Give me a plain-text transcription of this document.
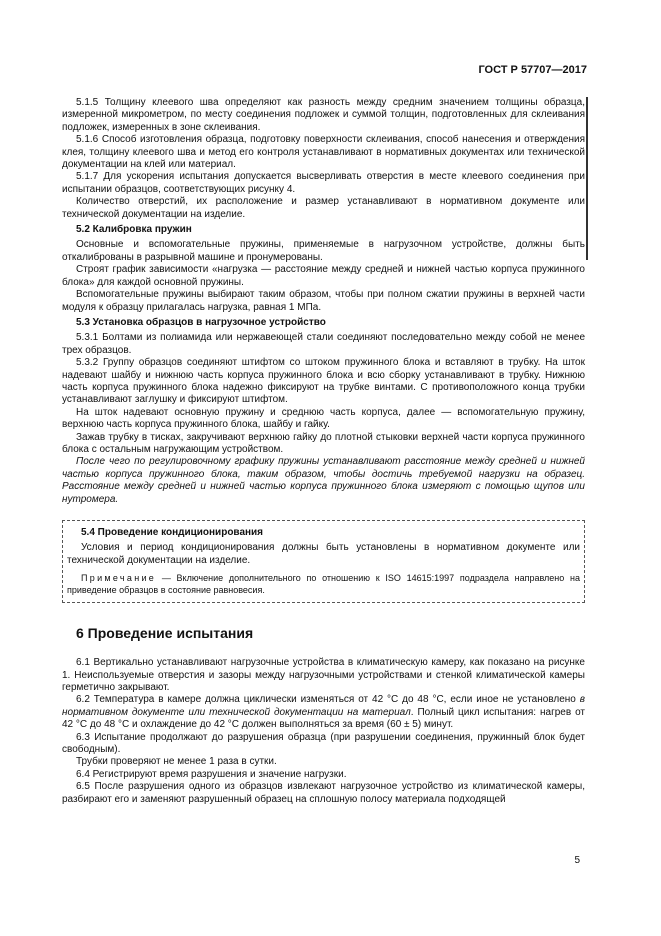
ГОСТ Р 57707—2017

5.1.5 Толщину клеевого шва определяют как разность между средним значением толщины образца, измеренной микрометром, по месту соединения подложек и суммой толщин, подготовленных для склеивания подложек, измеренных в зоне склеивания.

5.1.6 Способ изготовления образца, подготовку поверхности склеивания, способ нанесения и отверждения клея, толщину клеевого шва и метод его контроля устанавливают в нормативных документах или технической документации на клей или материал.

5.1.7 Для ускорения испытания допускается высверливать отверстия в месте клеевого соединения при испытании образцов, соответствующих рисунку 4.

Количество отверстий, их расположение и размер устанавливают в нормативном документе или технической документации на изделие.

5.2 Калибровка пружин

Основные и вспомогательные пружины, применяемые в нагрузочном устройстве, должны быть откалиброваны в разрывной машине и пронумерованы.

Строят график зависимости «нагрузка — расстояние между средней и нижней частью корпуса пружинного блока» для каждой основной пружины.

Вспомогательные пружины выбирают таким образом, чтобы при полном сжатии пружины в верхней части модуля к образцу прилагалась нагрузка, равная 1 МПа.

5.3 Установка образцов в нагрузочное устройство

5.3.1 Болтами из полиамида или нержавеющей стали соединяют последовательно между собой не менее трех образцов.

5.3.2 Группу образцов соединяют штифтом со штоком пружинного блока и вставляют в трубку. На шток надевают шайбу и нижнюю часть корпуса пружинного блока и всю сборку устанавливают в трубку. Нижнюю часть корпуса пружинного блока надежно фиксируют на трубке винтами. С противоположного конца трубки устанавливают заглушку и фиксируют штифтом.

На шток надевают основную пружину и среднюю часть корпуса, далее — вспомогательную пружину, верхнюю часть корпуса пружинного блока, шайбу и гайку.

Зажав трубку в тисках, закручивают верхнюю гайку до плотной стыковки верхней части корпуса пружинного блока с остальным нагружающим устройством.

После чего по регулировочному графику пружины устанавливают расстояние между средней и нижней частью корпуса пружинного блока, таким образом, чтобы достичь требуемой нагрузки на образец. Расстояние между средней и нижней частью корпуса пружинного блока измеряют с помощью щупов или нутромера.

5.4 Проведение кондиционирования

Условия и период кондиционирования должны быть установлены в нормативном документе или технической документации на изделие.

Примечание — Включение дополнительного по отношению к ISO 14615:1997 подраздела направлено на приведение образцов в состояние равновесия.

6 Проведение испытания

6.1 Вертикально устанавливают нагрузочные устройства в климатическую камеру, как показано на рисунке 1. Неиспользуемые отверстия и зазоры между нагрузочными устройствами и стенкой климатической камеры герметично закрывают.

6.2 Температура в камере должна циклически изменяться от 42 °С до 48 °С, если иное не установлено в нормативном документе или технической документации на материал. Полный цикл испытания: нагрев от 42 °С до 48 °С и охлаждение до 42 °С должен выполняться за время (60 ± 5) минут.

6.3 Испытание продолжают до разрушения образца (при разрушении соединения, пружинный блок будет свободным).

Трубки проверяют не менее 1 раза в сутки.

6.4 Регистрируют время разрушения и значение нагрузки.

6.5 После разрушения одного из образцов извлекают нагрузочное устройство из климатической камеры, разбирают его и заменяют разрушенный образец на сплошную полосу материала подходящей

5
